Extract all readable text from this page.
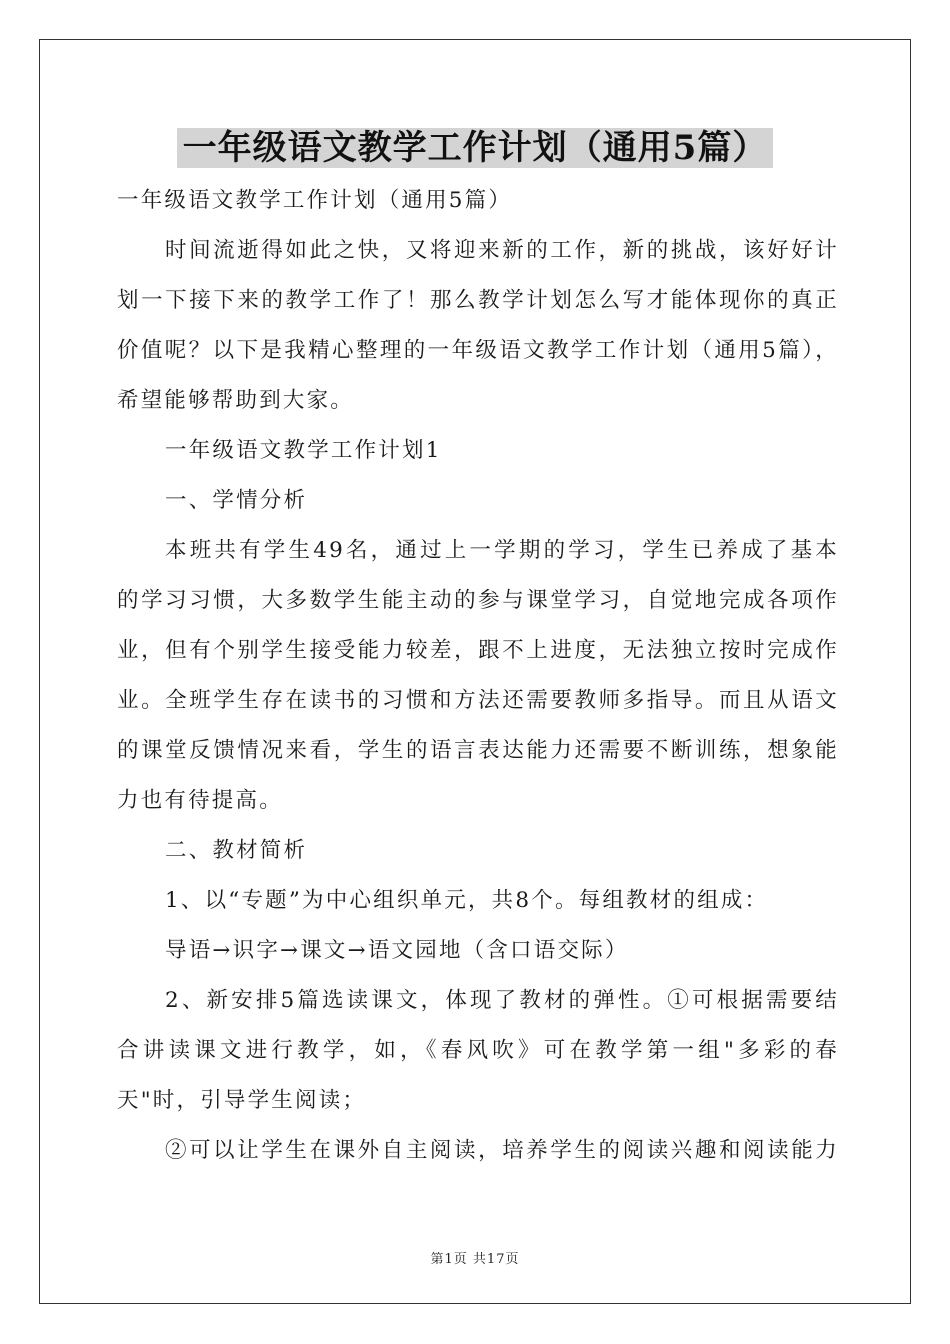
一年级语文教学工作计划（通用5篇）
一年级语文教学工作计划（通用5篇）
时间流逝得如此之快，又将迎来新的工作，新的挑战，该好好计
划一下接下来的教学工作了！那么教学计划怎么写才能体现你的真正
价值呢？以下是我精心整理的一年级语文教学工作计划（通用5篇），
希望能够帮助到大家。
一年级语文教学工作计划1
一、学情分析
本班共有学生49名，通过上一学期的学习，学生已养成了基本
的学习习惯，大多数学生能主动的参与课堂学习，自觉地完成各项作
业，但有个别学生接受能力较差，跟不上进度，无法独立按时完成作
业。全班学生存在读书的习惯和方法还需要教师多指导。而且从语文
的课堂反馈情况来看，学生的语言表达能力还需要不断训练，想象能
力也有待提高。
二、教材简析
1、以“专题”为中心组织单元，共8个。每组教材的组成：
导语→识字→课文→语文园地（含口语交际）
2、新安排5篇选读课文，体现了教材的弹性。①可根据需要结
合讲读课文进行教学，如，《春风吹》可在教学第一组"多彩的春
天"时，引导学生阅读；
②可以让学生在课外自主阅读，培养学生的阅读兴趣和阅读能力
第1页 共17页
